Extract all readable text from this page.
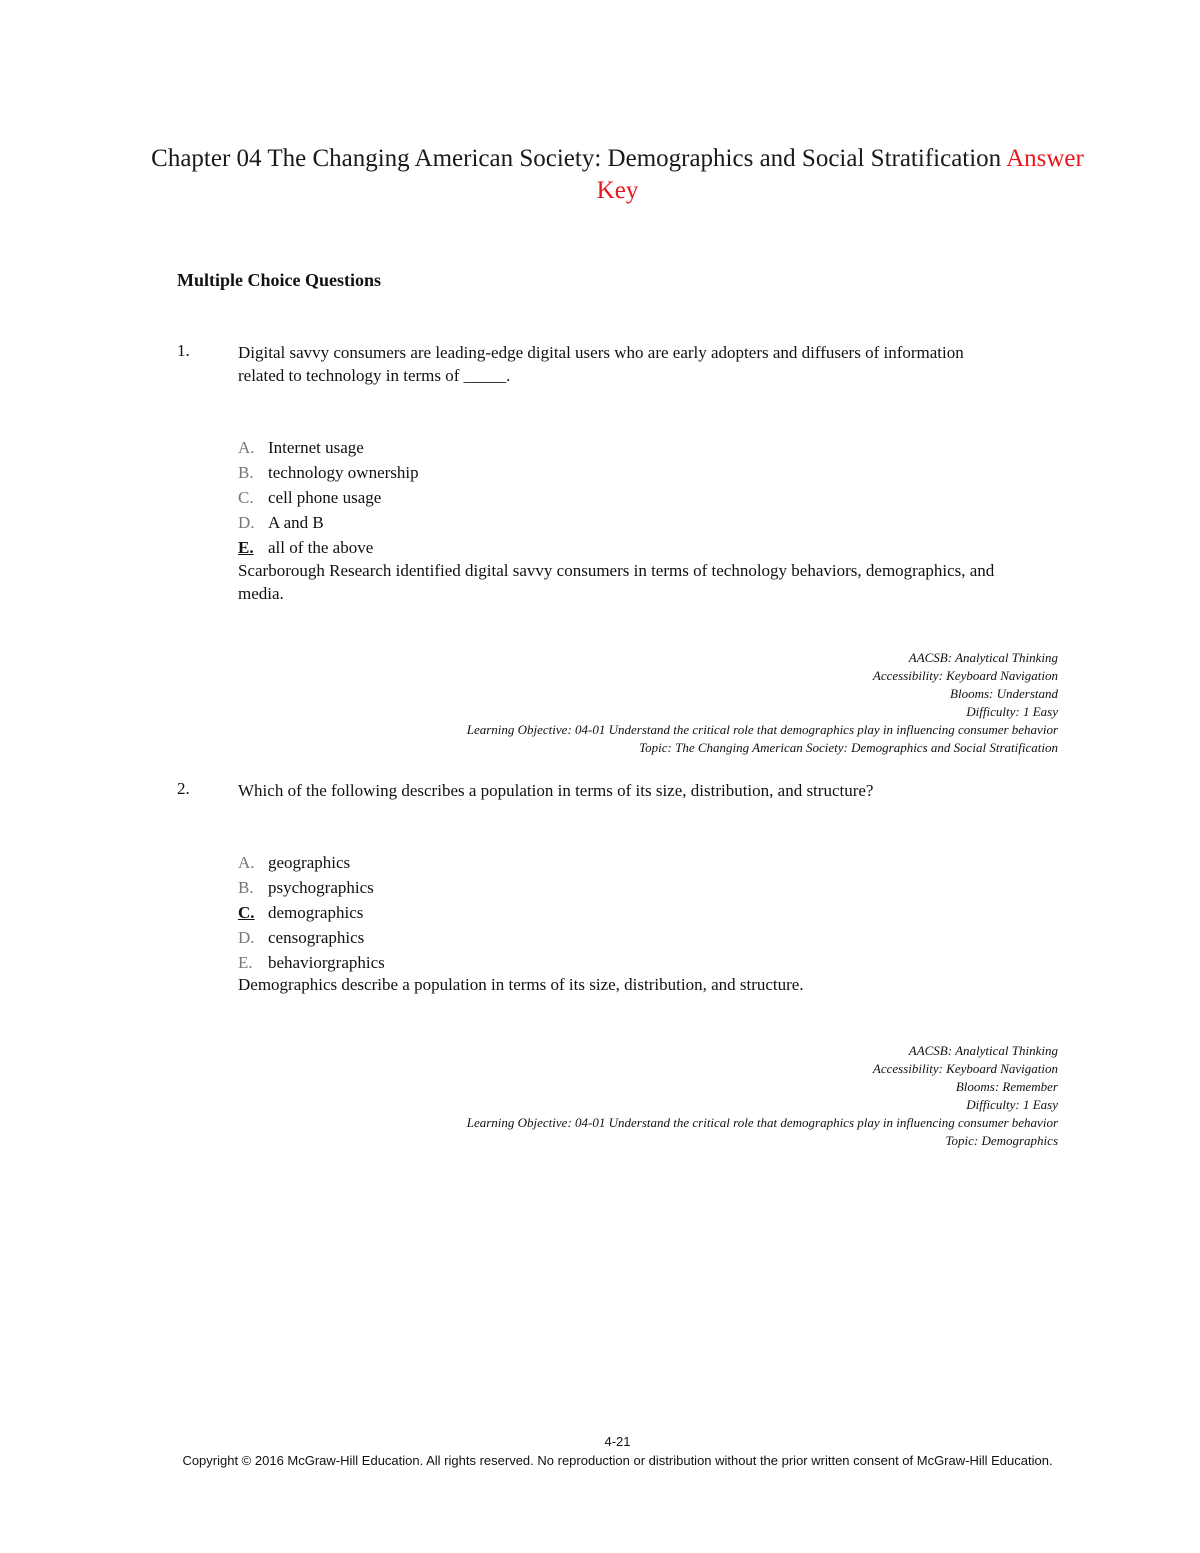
Chapter 04 The Changing American Society: Demographics and Social Stratification Answer Key
Multiple Choice Questions
1.	Digital savvy consumers are leading-edge digital users who are early adopters and diffusers of information related to technology in terms of _____.
A. Internet usage
B. technology ownership
C. cell phone usage
D. A and B
E. all of the above
Scarborough Research identified digital savvy consumers in terms of technology behaviors, demographics, and media.
AACSB: Analytical Thinking
Accessibility: Keyboard Navigation
Blooms: Understand
Difficulty: 1 Easy
Learning Objective: 04-01 Understand the critical role that demographics play in influencing consumer behavior
Topic: The Changing American Society: Demographics and Social Stratification
2.	Which of the following describes a population in terms of its size, distribution, and structure?
A. geographics
B. psychographics
C. demographics
D. censographics
E. behaviorgraphics
Demographics describe a population in terms of its size, distribution, and structure.
AACSB: Analytical Thinking
Accessibility: Keyboard Navigation
Blooms: Remember
Difficulty: 1 Easy
Learning Objective: 04-01 Understand the critical role that demographics play in influencing consumer behavior
Topic: Demographics
4-21
Copyright © 2016 McGraw-Hill Education. All rights reserved. No reproduction or distribution without the prior written consent of McGraw-Hill Education.
